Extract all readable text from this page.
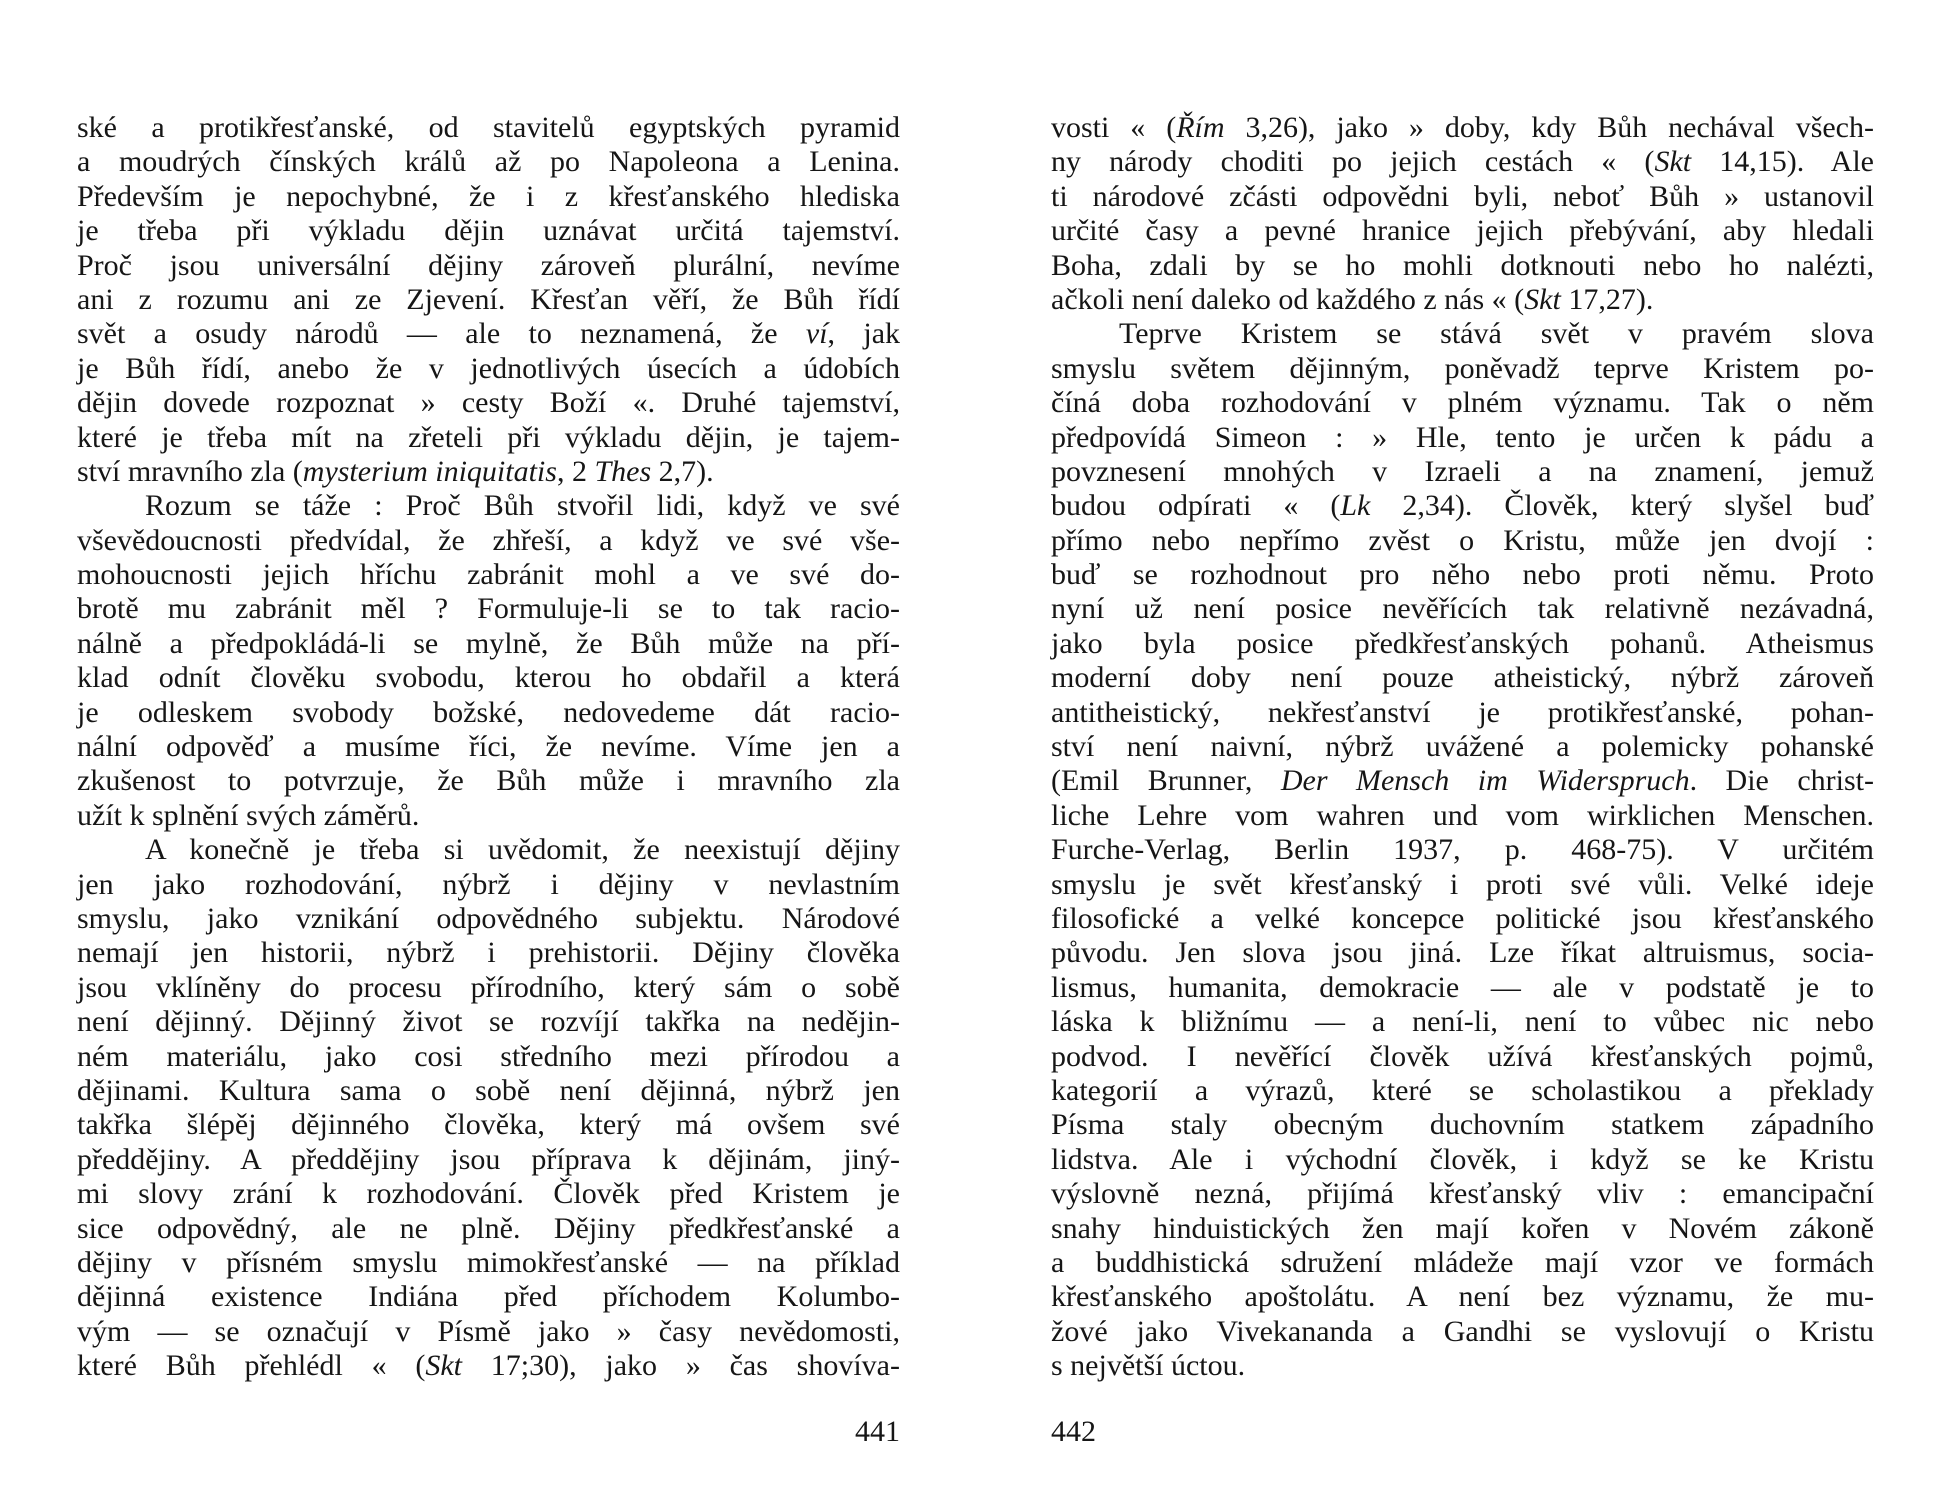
ské a protikřesťanské, od stavitelů egyptských pyramid
a moudrých čínských králů až po Napoleona a Lenina.
Především je nepochybné, že i z křesťanského hlediska
je třeba při výkladu dějin uznávat určitá tajemství.
Proč jsou universální dějiny zároveň plurální, nevíme
ani z rozumu ani ze Zjevení. Křesťan věří, že Bůh řídí
svět a osudy národů — ale to neznamená, že ví, jak
je Bůh řídí, anebo že v jednotlivých úsecích a údobích
dějin dovede rozpoznat » cesty Boží «. Druhé tajemství,
které je třeba mít na zřeteli při výkladu dějin, je tajem-
ství mravního zla (mysterium iniquitatis, 2 Thes 2,7).
Rozum se táže : Proč Bůh stvořil lidi, když ve své
vševědoucnosti předvídal, že zhřeší, a když ve své vše-
mohoucnosti jejich hříchu zabránit mohl a ve své do-
brotě mu zabránit měl ? Formuluje-li se to tak racio-
nálně a předpokládá-li se mylně, že Bůh může na pří-
klad odnít člověku svobodu, kterou ho obdařil a která
je odleskem svobody božské, nedovedeme dát racio-
nální odpověď a musíme říci, že nevíme. Víme jen a
zkušenost to potvrzuje, že Bůh může i mravního zla
užít k splnění svých záměrů.
A konečně je třeba si uvědomit, že neexistují dějiny
jen jako rozhodování, nýbrž i dějiny v nevlastním
smyslu, jako vznikání odpovědného subjektu. Národové
nemají jen historii, nýbrž i prehistorii. Dějiny člověka
jsou vklíněny do procesu přírodního, který sám o sobě
není dějinný. Dějinný život se rozvíjí takřka na nedějin-
ném materiálu, jako cosi středního mezi přírodou a
dějinami. Kultura sama o sobě není dějinná, nýbrž jen
takřka šlépěj dějinného člověka, který má ovšem své
předdějiny. A předdějiny jsou příprava k dějinám, jiný-
mi slovy zrání k rozhodování. Člověk před Kristem je
sice odpovědný, ale ne plně. Dějiny předkřesťanské a
dějiny v přísném smyslu mimokřesťanské — na příklad
dějinná existence Indiána před příchodem Kolumbo-
vým — se označují v Písmě jako » časy nevědomosti,
které Bůh přehlédl « (Skt 17;30), jako » čas shovíva-
441
vosti « (Řím 3,26), jako » doby, kdy Bůh nechával všech-
ny národy choditi po jejich cestách « (Skt 14,15). Ale
ti národové zčásti odpovědni byli, neboť Bůh » ustanovil
určité časy a pevné hranice jejich přebývání, aby hledali
Boha, zdali by se ho mohli dotknouti nebo ho nalézti,
ačkoli není daleko od každého z nás « (Skt 17,27).
Teprve Kristem se stává svět v pravém slova
smyslu světem dějinným, poněvadž teprve Kristem po-
číná doba rozhodování v plném významu. Tak o něm
předpovídá Simeon : » Hle, tento je určen k pádu a
povznesení mnohých v Izraeli a na znamení, jemuž
budou odpírati « (Lk 2,34). Člověk, který slyšel buď
přímo nebo nepřímo zvěst o Kristu, může jen dvojí :
buď se rozhodnout pro něho nebo proti němu. Proto
nyní už není posice nevěřících tak relativně nezávadná,
jako byla posice předkřesťanských pohanů. Atheismus
moderní doby není pouze atheistický, nýbrž zároveň
antitheistický, nekřesťanství je protikřesťanské, pohan-
ství není naivní, nýbrž uvážené a polemicky pohanské
(Emil Brunner, Der Mensch im Widerspruch. Die christ-
liche Lehre vom wahren und vom wirklichen Menschen.
Furche-Verlag, Berlin 1937, p. 468-75). V určitém
smyslu je svět křesťanský i proti své vůli. Velké ideje
filosofické a velké koncepce politické jsou křesťanského
původu. Jen slova jsou jiná. Lze říkat altruismus, socia-
lismus, humanita, demokracie — ale v podstatě je to
láska k bližnímu — a není-li, není to vůbec nic nebo
podvod. I nevěřící člověk užívá křesťanských pojmů,
kategorií a výrazů, které se scholastikou a překlady
Písma staly obecným duchovním statkem západního
lidstva. Ale i východní člověk, i když se ke Kristu
výslovně nezná, přijímá křesťanský vliv : emancipační
snahy hinduistických žen mají kořen v Novém zákoně
a buddhistická sdružení mládeže mají vzor ve formách
křesťanského apoštolátu. A není bez významu, že mu-
žové jako Vivekananda a Gandhi se vyslovují o Kristu
s největší úctou.
442
